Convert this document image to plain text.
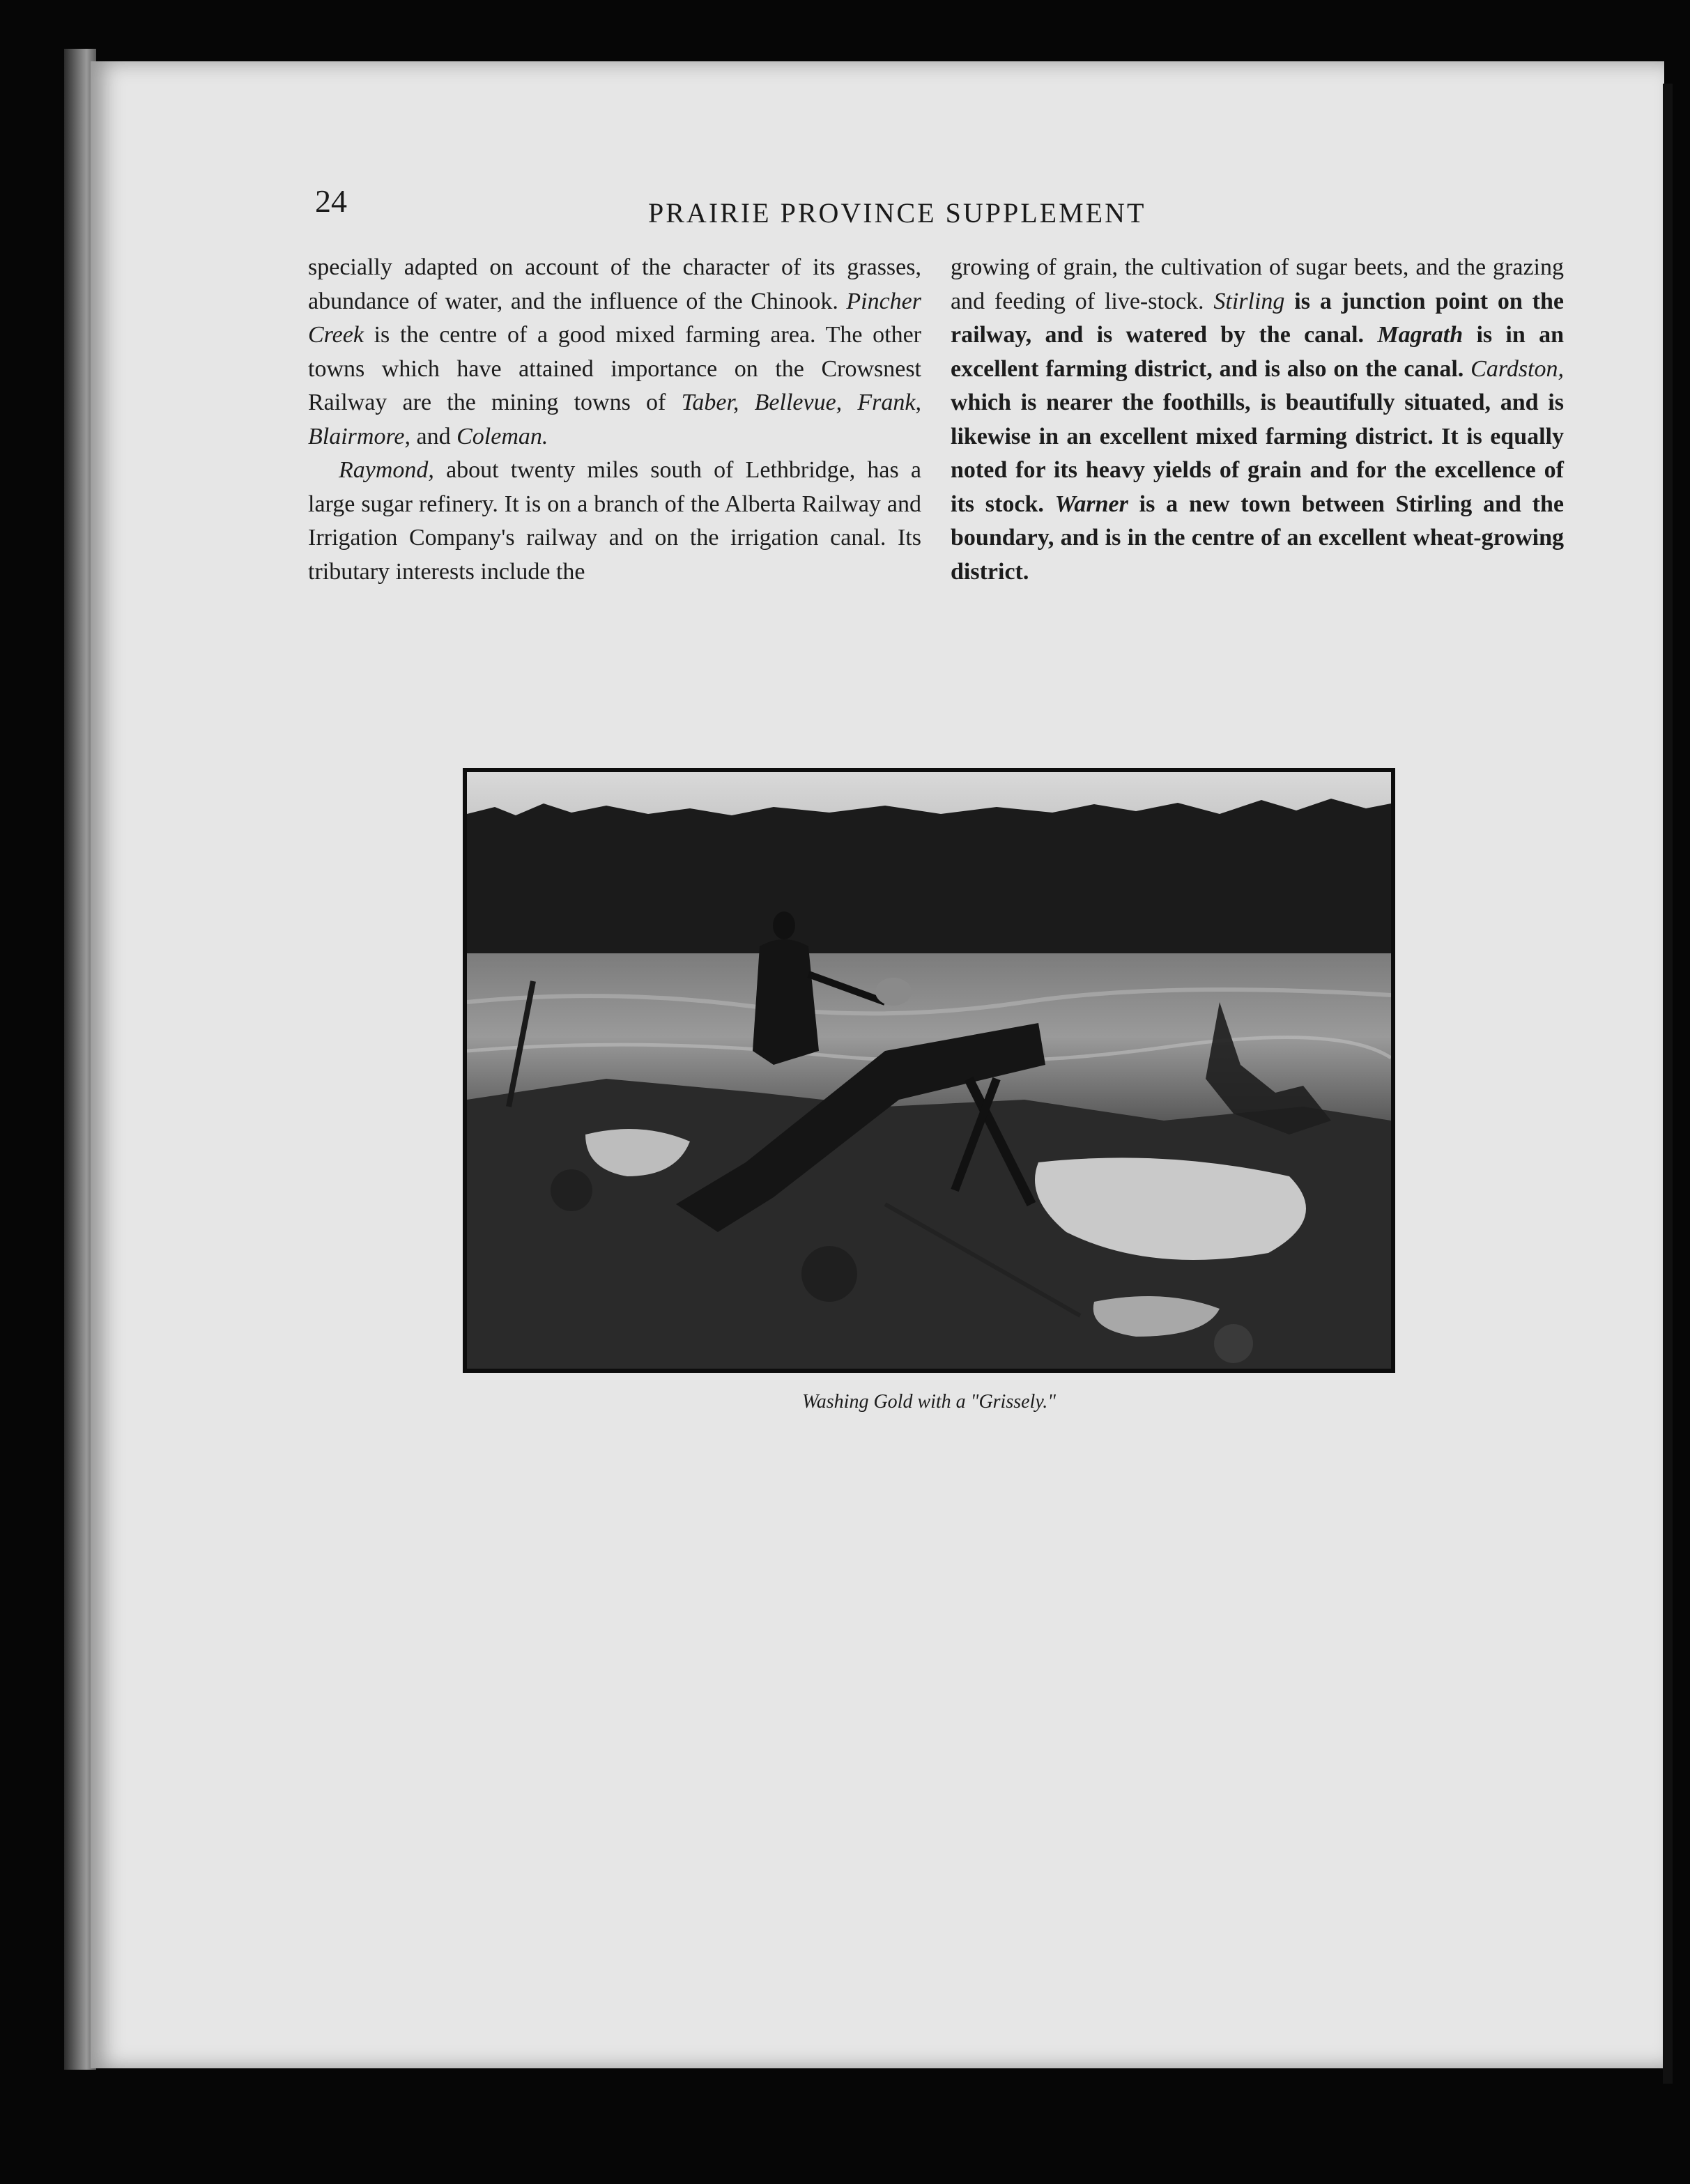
24	PRAIRIE PROVINCE SUPPLEMENT

specially adapted on account of the character of its grasses, abundance of water, and the influence of the Chinook. Pincher Creek is the centre of a good mixed farming area. The other towns which have attained importance on the Crowsnest Railway are the mining towns of Taber, Bellevue, Frank, Blairmore, and Coleman.

Raymond, about twenty miles south of Lethbridge, has a large sugar refinery. It is on a branch of the Alberta Railway and Irrigation Company's railway and on the irrigation canal. Its tributary interests include the

growing of grain, the cultivation of sugar beets, and the grazing and feeding of live-stock. Stirling is a junction point on the railway, and is watered by the canal. Magrath is in an excellent farming district, and is also on the canal. Cardston, which is nearer the foothills, is beautifully situated, and is likewise in an excellent mixed farming district. It is equally noted for its heavy yields of grain and for the excellence of its stock. Warner is a new town between Stirling and the boundary, and is in the centre of an excellent wheat-growing district.

Washing Gold with a "Grissely."
